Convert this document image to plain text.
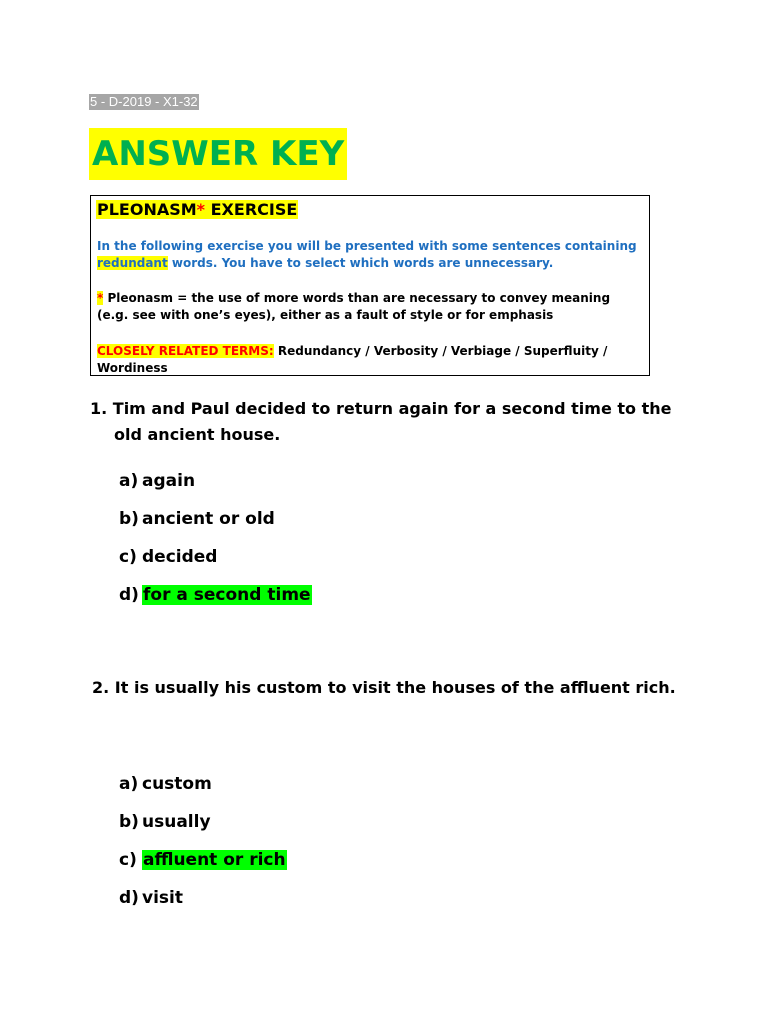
5 - D-2019 - X1-32
ANSWER KEY
PLEONASM* EXERCISE
In the following exercise you will be presented with some sentences containing redundant words. You have to select which words are unnecessary.
* Pleonasm = the use of more words than are necessary to convey meaning (e.g. see with one’s eyes), either as a fault of style or for emphasis
CLOSELY RELATED TERMS: Redundancy / Verbosity / Verbiage / Superfluity / Wordiness
1. Tim and Paul decided to return again for a second time to the old ancient house.
a) again
b) ancient or old
c) decided
d) for a second time
2. It is usually his custom to visit the houses of the affluent rich.
a) custom
b) usually
c) affluent or rich
d) visit
